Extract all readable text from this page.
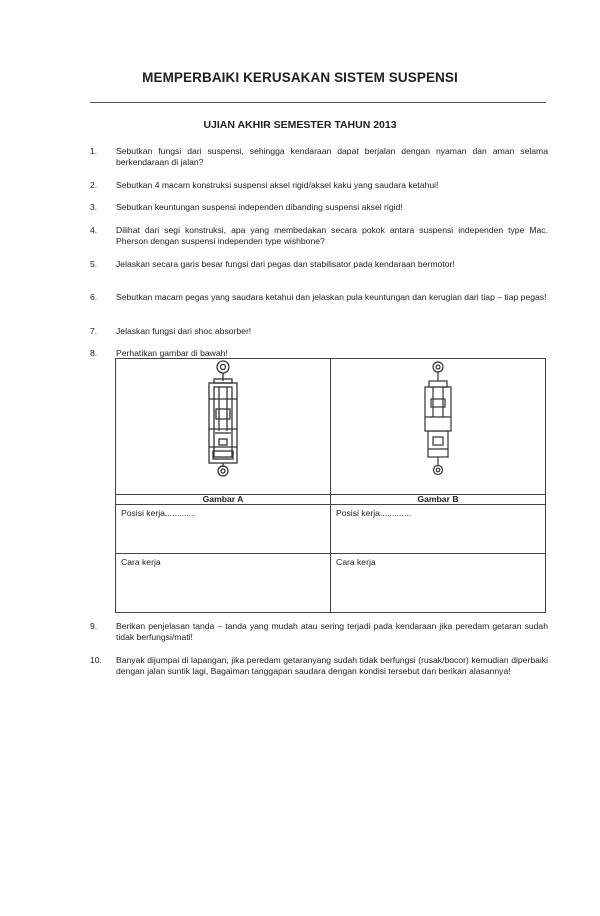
MEMPERBAIKI KERUSAKAN SISTEM SUSPENSI
UJIAN AKHIR SEMESTER TAHUN 2013
1.	Sebutkan fungsi dari suspensi, sehingga kendaraan dapat berjalan dengan nyaman dan aman selama berkendaraan di jalan?
2.	Sebutkan 4 macam konstruksi suspensi aksel rigid/aksel kaku yang saudara ketahui!
3.	Sebutkan keuntungan suspensi independen dibanding suspensi aksel rigid!
4.	Dilihat dari segi konstruksi, apa yang membedakan secara pokok antara suspensi independen type Mac. Pherson dengan suspensi independen type wishbone?
5.	Jelaskan secara garis besar fungsi dari pegas dan stabilisator pada kendaraan bermotor!
6.	Sebutkan macam pegas yang saudara ketahui dan jelaskan pula keuntungan dan kerugian dari tiap – tiap pegas!
7.	Jelaskan fungsi dari shoc absorber!
8.	Perhatikan gambar di bawah!

Gambar A	Gambar B
Posisi kerja.............	Posisi kerja.............
Cara kerja	Cara kerja
9.	Berikan penjelasan tanda – tanda yang mudah atau sering terjadi pada kendaraan jika peredam getaran sudah tidak berfungsi/mati!
10.	Banyak dijumpai di lapangan, jika peredam getaranyang sudah tidak berfungsi (rusak/bocor) kemudian diperbaiki dengan jalan suntik lagi, Bagaiman tanggapan saudara dengan kondisi tersebut dan berikan alasannya!
